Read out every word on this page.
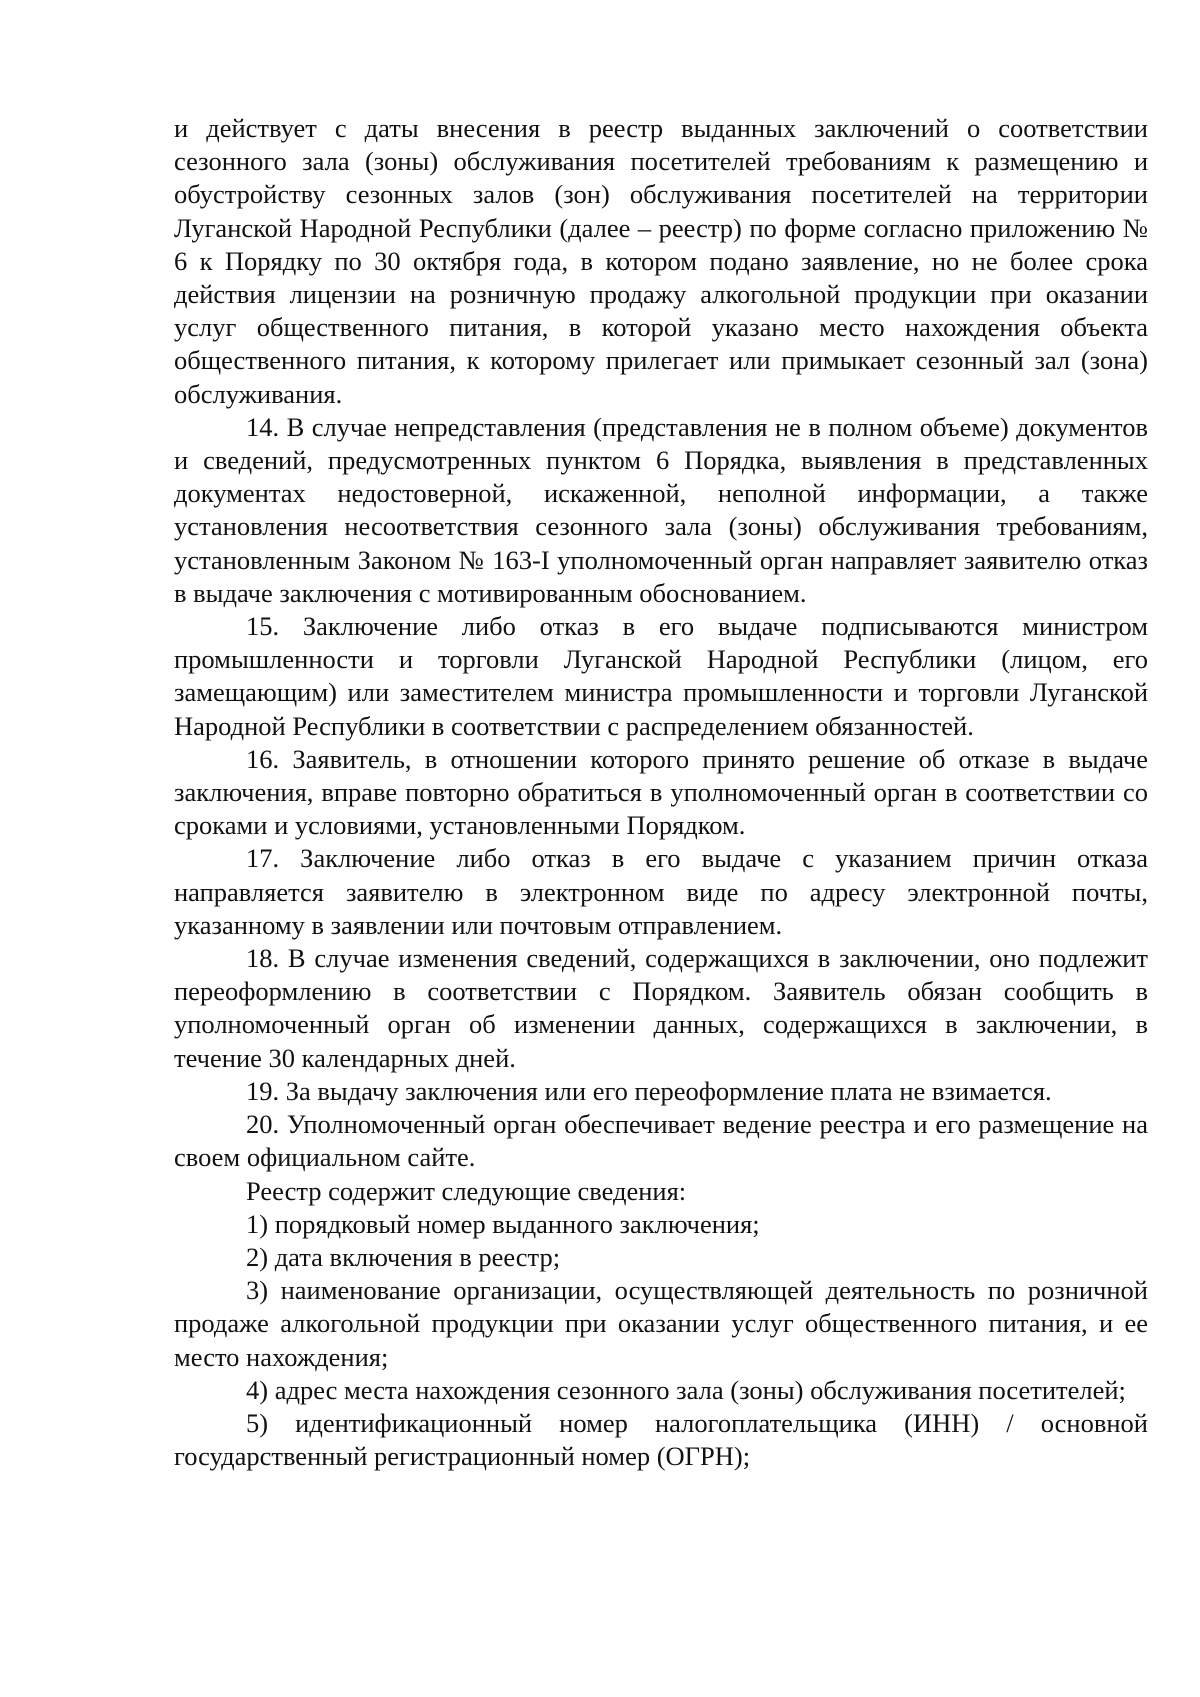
и действует с даты внесения в реестр выданных заключений о соответствии сезонного зала (зоны) обслуживания посетителей требованиям к размещению и обустройству сезонных залов (зон) обслуживания посетителей на территории Луганской Народной Республики (далее – реестр) по форме согласно приложению № 6 к Порядку по 30 октября года, в котором подано заявление, но не более срока действия лицензии на розничную продажу алкогольной продукции при оказании услуг общественного питания, в которой указано место нахождения объекта общественного питания, к которому прилегает или примыкает сезонный зал (зона) обслуживания.

14. В случае непредставления (представления не в полном объеме) документов и сведений, предусмотренных пунктом 6 Порядка, выявления в представленных документах недостоверной, искаженной, неполной информации, а также установления несоответствия сезонного зала (зоны) обслуживания требованиям, установленным Законом № 163-I уполномоченный орган направляет заявителю отказ в выдаче заключения с мотивированным обоснованием.

15. Заключение либо отказ в его выдаче подписываются министром промышленности и торговли Луганской Народной Республики (лицом, его замещающим) или заместителем министра промышленности и торговли Луганской Народной Республики в соответствии с распределением обязанностей.

16. Заявитель, в отношении которого принято решение об отказе в выдаче заключения, вправе повторно обратиться в уполномоченный орган в соответствии со сроками и условиями, установленными Порядком.

17. Заключение либо отказ в его выдаче с указанием причин отказа направляется заявителю в электронном виде по адресу электронной почты, указанному в заявлении или почтовым отправлением.

18. В случае изменения сведений, содержащихся в заключении, оно подлежит переоформлению в соответствии с Порядком. Заявитель обязан сообщить в уполномоченный орган об изменении данных, содержащихся в заключении, в течение 30 календарных дней.

19. За выдачу заключения или его переоформление плата не взимается.

20. Уполномоченный орган обеспечивает ведение реестра и его размещение на своем официальном сайте.

Реестр содержит следующие сведения:

1) порядковый номер выданного заключения;

2) дата включения в реестр;

3) наименование организации, осуществляющей деятельность по розничной продаже алкогольной продукции при оказании услуг общественного питания, и ее место нахождения;

4) адрес места нахождения сезонного зала (зоны) обслуживания посетителей;

5) идентификационный номер налогоплательщика (ИНН) / основной государственный регистрационный номер (ОГРН);
